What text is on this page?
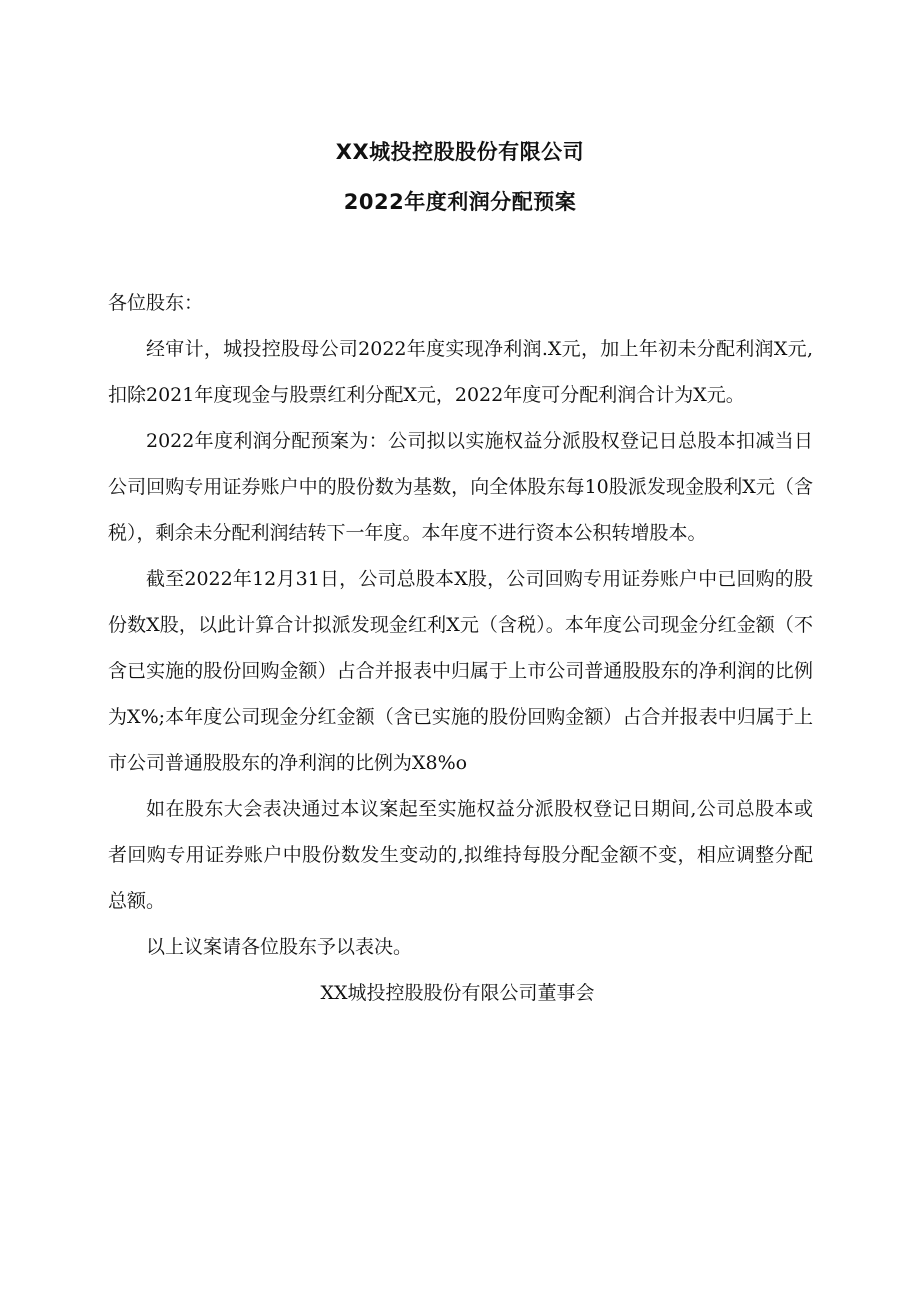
XX城投控股股份有限公司
2022年度利润分配预案

各位股东：

经审计，城投控股母公司2022年度实现净利润.X元，加上年初未分配利润X元,扣除2021年度现金与股票红利分配X元，2022年度可分配利润合计为X元。

2022年度利润分配预案为：公司拟以实施权益分派股权登记日总股本扣减当日公司回购专用证券账户中的股份数为基数，向全体股东每10股派发现金股利X元（含税），剩余未分配利润结转下一年度。本年度不进行资本公积转增股本。

截至2022年12月31日，公司总股本X股，公司回购专用证券账户中已回购的股份数X股，以此计算合计拟派发现金红利X元（含税）。本年度公司现金分红金额（不含已实施的股份回购金额）占合并报表中归属于上市公司普通股股东的净利润的比例为X%;本年度公司现金分红金额（含已实施的股份回购金额）占合并报表中归属于上市公司普通股股东的净利润的比例为X8%o

如在股东大会表决通过本议案起至实施权益分派股权登记日期间,公司总股本或者回购专用证券账户中股份数发生变动的,拟维持每股分配金额不变，相应调整分配总额。

以上议案请各位股东予以表决。

XX城投控股股份有限公司董事会
